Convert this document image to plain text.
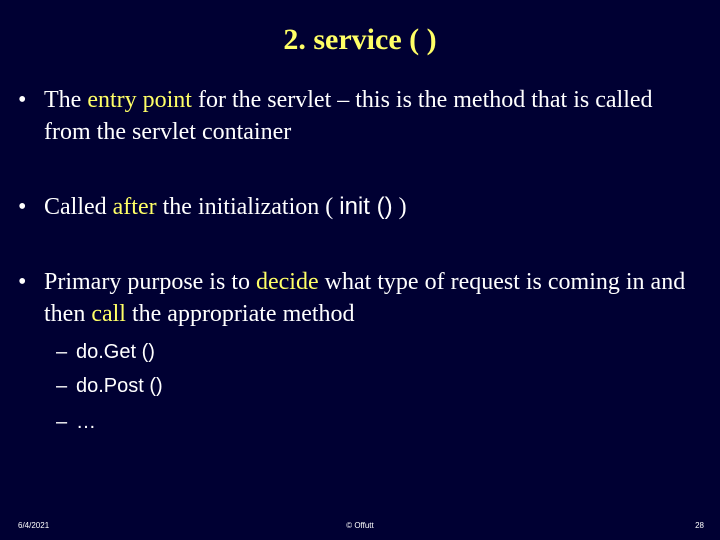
2. service ( )
• The entry point for the servlet – this is the method that is called from the servlet container
• Called after the initialization ( init () )
• Primary purpose is to decide what type of request is coming in and then call the appropriate method
– do.Get ()
– do.Post ()
– …
6/4/2021	© Offutt	28
